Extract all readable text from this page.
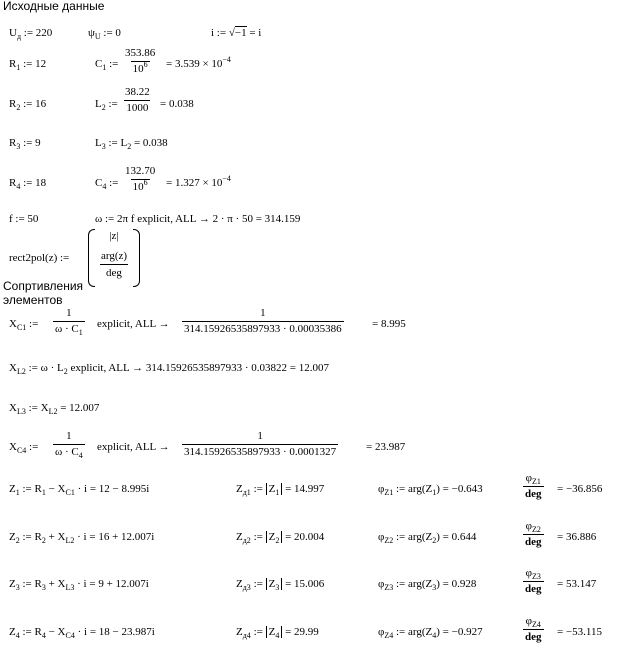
Исходные данные
$U_д$ := 220	$\psi_U$ := 0	i := √−1 = i
$R_1$ := 12	$C_1$ := $\frac{353.86}{10^6} = 3.539 \times 10^{-4}$
$R_2$ := 16	$L_2$ := $\frac{38.22}{1000} = 0.038$
$R_3$ := 9	$L_3$ := $L_2 = 0.038$
$R_4$ := 18	$C_4$ := $\frac{132.70}{10^6} = 1.327 \times 10^{-4}$
f := 50	ω := 2π f explicit, ALL → 2 · π · 50 = 314.159
rect2pol(z) :=
|z|
arg(z)
deg
Сопртивления
элементов
$X_{C1}$ := $\frac{1}{\omega \cdot C_1}$ explicit, ALL → $\frac{1}{314.15926535897933 \cdot 0.00035386}$	= 8.995
$X_{L2}$ := $\omega \cdot L_2$ explicit, ALL → 314.15926535897933 · 0.03822 = 12.007
$X_{L3}$ := $X_{L2} = 12.007$
$X_{C4}$ := $\frac{1}{\omega \cdot C_4}$ explicit, ALL → $\frac{1}{314.15926535897933 \cdot 0.0001327}$	= 23.987
$Z_1$ := $R_1 - X_{C1} \cdot i = 12 - 8.995i$	$Z_{д1}$ := $Z_1 = 14.997$	$\varphi_{Z1}$ := $arg(Z_1) = -0.643$
$\varphi_{Z1}$
deg = −36.856
$Z_2$ := $R_2 + X_{L2} \cdot i = 16 + 12.007i$	$Z_{д2}$ := $Z_2 = 20.004$	$\varphi_{Z2}$ := $arg(Z_2) = 0.644$
$\varphi_{Z2}$
deg = 36.886
$Z_3$ := $R_3 + X_{L3} \cdot i = 9 + 12.007i$	$Z_{д3}$ := $Z_3 = 15.006$	$\varphi_{Z3}$ := $arg(Z_3) = 0.928$
$\varphi_{Z3}$
deg = 53.147
$Z_4$ := $R_4 - X_{C4} \cdot i = 18 - 23.987i$	$Z_{д4}$ := $Z_4 = 29.99$	$\varphi_{Z4}$ := $arg(Z_4) = -0.927$
$\varphi_{Z4}$
deg = −53.115
